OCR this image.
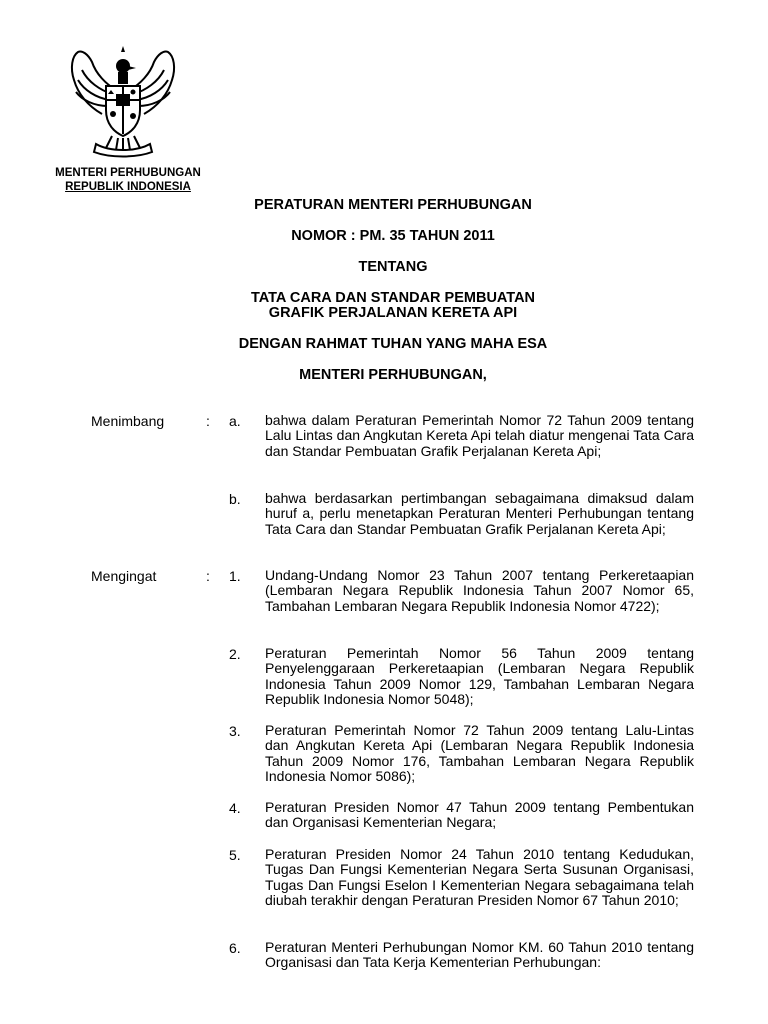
MENTERI PERHUBUNGAN
REPUBLIK INDONESIA
PERATURAN MENTERI PERHUBUNGAN
NOMOR : PM. 35 TAHUN 2011
TENTANG
TATA CARA DAN STANDAR PEMBUATAN
GRAFIK PERJALANAN KERETA API
DENGAN RAHMAT TUHAN YANG MAHA ESA
MENTERI PERHUBUNGAN,
Menimbang	: a. bahwa dalam Peraturan Pemerintah Nomor 72 Tahun 2009 tentang Lalu Lintas dan Angkutan Kereta Api telah diatur mengenai Tata Cara dan Standar Pembuatan Grafik Perjalanan Kereta Api;
b. bahwa berdasarkan pertimbangan sebagaimana dimaksud dalam huruf a, perlu menetapkan Peraturan Menteri Perhubungan tentang Tata Cara dan Standar Pembuatan Grafik Perjalanan Kereta Api;
Mengingat	: 1. Undang-Undang Nomor 23 Tahun 2007 tentang Perkeretaapian (Lembaran Negara Republik Indonesia Tahun 2007 Nomor 65, Tambahan Lembaran Negara Republik Indonesia Nomor 4722);
2. Peraturan Pemerintah Nomor 56 Tahun 2009 tentang Penyelenggaraan Perkeretaapian (Lembaran Negara Republik Indonesia Tahun 2009 Nomor 129, Tambahan Lembaran Negara Republik Indonesia Nomor 5048);
3. Peraturan Pemerintah Nomor 72 Tahun 2009 tentang Lalu-Lintas dan Angkutan Kereta Api (Lembaran Negara Republik Indonesia Tahun 2009 Nomor 176, Tambahan Lembaran Negara Republik Indonesia Nomor 5086);
4. Peraturan Presiden Nomor 47 Tahun 2009 tentang Pembentukan dan Organisasi Kementerian Negara;
5. Peraturan Presiden Nomor 24 Tahun 2010 tentang Kedudukan, Tugas Dan Fungsi Kementerian Negara Serta Susunan Organisasi, Tugas Dan Fungsi Eselon I Kementerian Negara sebagaimana telah diubah terakhir dengan Peraturan Presiden Nomor 67 Tahun 2010;
6. Peraturan Menteri Perhubungan Nomor KM. 60 Tahun 2010 tentang Organisasi dan Tata Kerja Kementerian Perhubungan:
